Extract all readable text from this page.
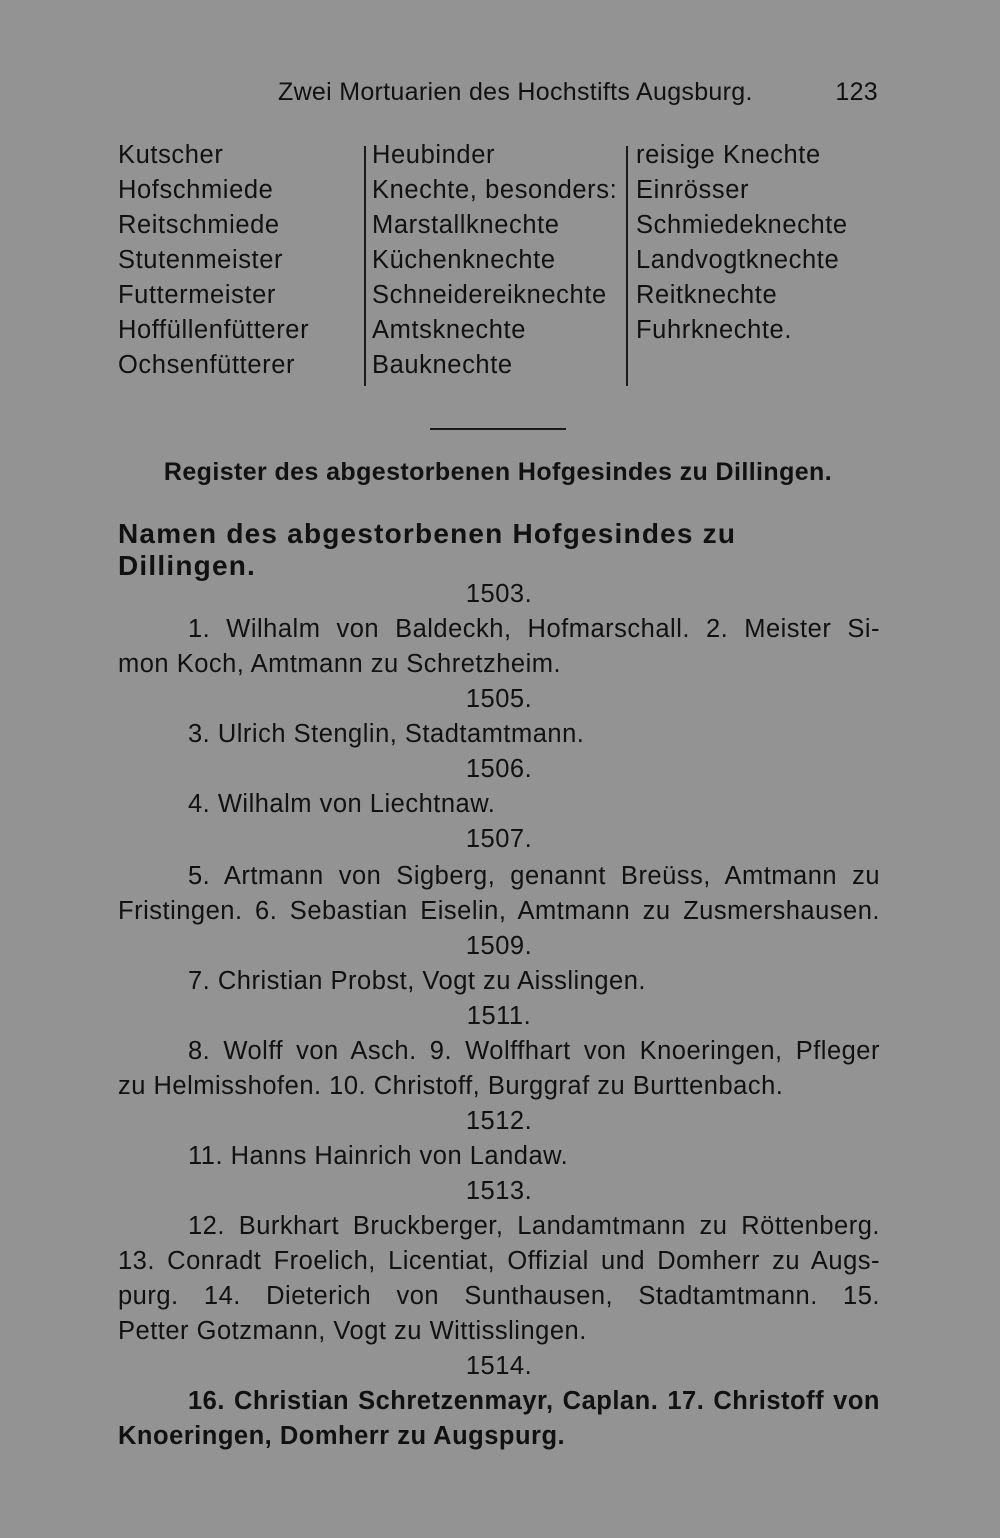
Zwei Mortuarien des Hochstifts Augsburg.	123
Kutscher
Hofschmiede
Reitschmiede
Stutenmeister
Futtermeister
Hoffüllenfütterer
Ochsenfütterer
Heubinder
Knechte, besonders:
Marstallknechte
Küchenknechte
Schneidereiknechte
Amtsknechte
Bauknechte
reisige Knechte
Einrösser
Schmiedeknechte
Landvogtknechte
Reitknechte
Fuhrknechte.
Register des abgestorbenen Hofgesindes zu Dillingen.
Namen des abgestorbenen Hofgesindes zu Dillingen.
1503.
1. Wilhalm von Baldeckh, Hofmarschall. 2. Meister Si-
mon Koch, Amtmann zu Schretzheim.
1505.
3. Ulrich Stenglin, Stadtamtmann.
1506.
4. Wilhalm von Liechtnaw.
1507.
5. Artmann von Sigberg, genannt Breüss, Amtmann zu
Fristingen. 6. Sebastian Eiselin, Amtmann zu Zusmershausen.
1509.
7. Christian Probst, Vogt zu Aisslingen.
1511.
8. Wolff von Asch. 9. Wolffhart von Knoeringen, Pfleger
zu Helmisshofen. 10. Christoff, Burggraf zu Burttenbach.
1512.
11. Hanns Hainrich von Landaw.
1513.
12. Burkhart Bruckberger, Landamtmann zu Röttenberg.
13. Conradt Froelich, Licentiat, Offizial und Domherr zu Augs-
purg. 14. Dieterich von Sunthausen, Stadtamtmann. 15.
Petter Gotzmann, Vogt zu Wittisslingen.
1514.
16. Christian Schretzenmayr, Caplan. 17. Christoff von
Knoeringen, Domherr zu Augspurg.
